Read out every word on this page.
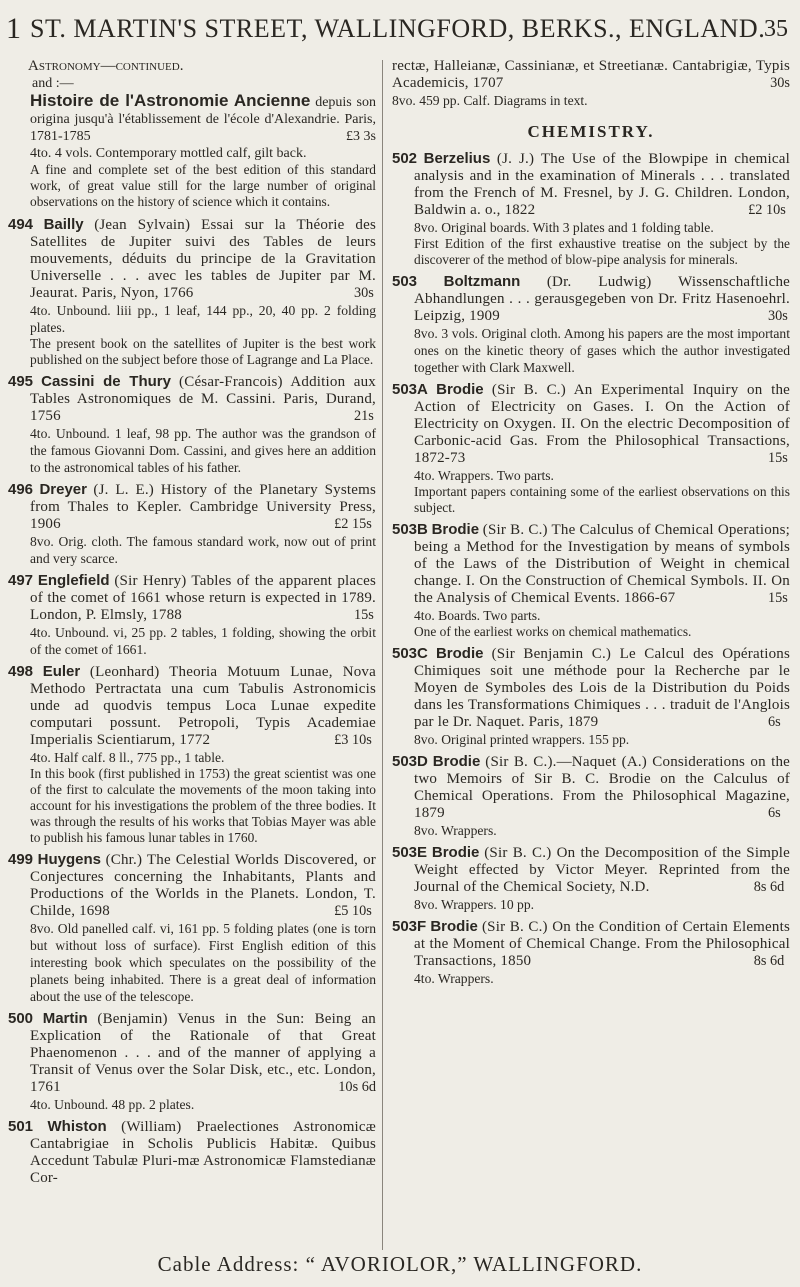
1 ST. MARTIN'S STREET, WALLINGFORD, BERKS., ENGLAND.
35
Astronomy—continued.
and :—
Histoire de l'Astronomie Ancienne depuis son origina jusqu'à l'établissement de l'école d'Alexandrie. Paris, 1781-1785	£3 3s
4to. 4 vols. Contemporary mottled calf, gilt back.
A fine and complete set of the best edition of this standard work, of great value still for the large number of original observations on the history of science which it contains.
494 Bailly (Jean Sylvain) Essai sur la Théorie des Satellites de Jupiter suivi des Tables de leurs mouvements, déduits du principe de la Gravitation Universelle . . . avec les tables de Jupiter par M. Jeaurat. Paris, Nyon, 1766	30s
4to. Unbound. liii pp., 1 leaf, 144 pp., 20, 40 pp. 2 folding plates.
The present book on the satellites of Jupiter is the best work published on the subject before those of Lagrange and La Place.
495 Cassini de Thury (César-Francois) Addition aux Tables Astronomiques de M. Cassini. Paris, Durand, 1756	21s
4to. Unbound. 1 leaf, 98 pp. The author was the grandson of the famous Giovanni Dom. Cassini, and gives here an addition to the astronomical tables of his father.
496 Dreyer (J. L. E.) History of the Planetary Systems from Thales to Kepler. Cambridge University Press, 1906	£2 15s
8vo. Orig. cloth. The famous standard work, now out of print and very scarce.
497 Englefield (Sir Henry) Tables of the apparent places of the comet of 1661 whose return is expected in 1789. London, P. Elmsly, 1788	15s
4to. Unbound. vi, 25 pp. 2 tables, 1 folding, showing the orbit of the comet of 1661.
498 Euler (Leonhard) Theoria Motuum Lunae, Nova Methodo Pertractata una cum Tabulis Astronomicis unde ad quodvis tempus Loca Lunae expedite computari possunt. Petropoli, Typis Academiae Imperialis Scientiarum, 1772	£3 10s
4to. Half calf. 8 ll., 775 pp., 1 table.
In this book (first published in 1753) the great scientist was one of the first to calculate the movements of the moon taking into account for his investigations the problem of the three bodies. It was through the results of his works that Tobias Mayer was able to publish his famous lunar tables in 1760.
499 Huygens (Chr.) The Celestial Worlds Discovered, or Conjectures concerning the Inhabitants, Plants and Productions of the Worlds in the Planets. London, T. Childe, 1698	£5 10s
8vo. Old panelled calf. vi, 161 pp. 5 folding plates (one is torn but without loss of surface). First English edition of this interesting book which speculates on the possibility of the planets being inhabited. There is a great deal of information about the use of the telescope.
500 Martin (Benjamin) Venus in the Sun: Being an Explication of the Rationale of that Great Phaenomenon . . . and of the manner of applying a Transit of Venus over the Solar Disk, etc., etc. London, 1761	10s 6d
4to. Unbound. 48 pp. 2 plates.
501 Whiston (William) Praelectiones Astronomicæ Cantabrigiae in Scholis Publicis Habitæ. Quibus Accedunt Tabulæ Pluri-mæ Astronomicæ Flamstedianæ Cor-
rectæ, Halleianæ, Cassinianæ, et Streetianæ. Cantabrigiæ, Typis Academicis, 1707	30s
8vo. 459 pp. Calf. Diagrams in text.
CHEMISTRY.
502 Berzelius (J. J.) The Use of the Blowpipe in chemical analysis and in the examination of Minerals . . . translated from the French of M. Fresnel, by J. G. Children. London, Baldwin a. o., 1822	£2 10s
8vo. Original boards. With 3 plates and 1 folding table.
First Edition of the first exhaustive treatise on the subject by the discoverer of the method of blow-pipe analysis for minerals.
503 Boltzmann (Dr. Ludwig) Wissenschaftliche Abhandlungen . . . gerausgegeben von Dr. Fritz Hasenoehrl. Leipzig, 1909	30s
8vo. 3 vols. Original cloth. Among his papers are the most important ones on the kinetic theory of gases which the author investigated together with Clark Maxwell.
503A Brodie (Sir B. C.) An Experimental Inquiry on the Action of Electricity on Gases. I. On the Action of Electricity on Oxygen. II. On the electric Decomposition of Carbonic-acid Gas. From the Philosophical Transactions, 1872-73	15s
4to. Wrappers. Two parts.
Important papers containing some of the earliest observations on this subject.
503B Brodie (Sir B. C.) The Calculus of Chemical Operations; being a Method for the Investigation by means of symbols of the Laws of the Distribution of Weight in chemical change. I. On the Construction of Chemical Symbols. II. On the Analysis of Chemical Events. 1866-67	15s
4to. Boards. Two parts.
One of the earliest works on chemical mathematics.
503C Brodie (Sir Benjamin C.) Le Calcul des Opérations Chimiques soit une méthode pour la Recherche par le Moyen de Symboles des Lois de la Distribution du Poids dans les Transformations Chimiques . . . traduit de l'Anglois par le Dr. Naquet. Paris, 1879	6s
8vo. Original printed wrappers. 155 pp.
503D Brodie (Sir B. C.).—Naquet (A.) Considerations on the two Memoirs of Sir B. C. Brodie on the Calculus of Chemical Operations. From the Philosophical Magazine, 1879	6s
8vo. Wrappers.
503E Brodie (Sir B. C.) On the Decomposition of the Simple Weight effected by Victor Meyer. Reprinted from the Journal of the Chemical Society, N.D.	8s 6d
8vo. Wrappers. 10 pp.
503F Brodie (Sir B. C.) On the Condition of Certain Elements at the Moment of Chemical Change. From the Philosophical Transactions, 1850	8s 6d
4to. Wrappers.
Cable Address: “ AVORIOLOR,” WALLINGFORD.
